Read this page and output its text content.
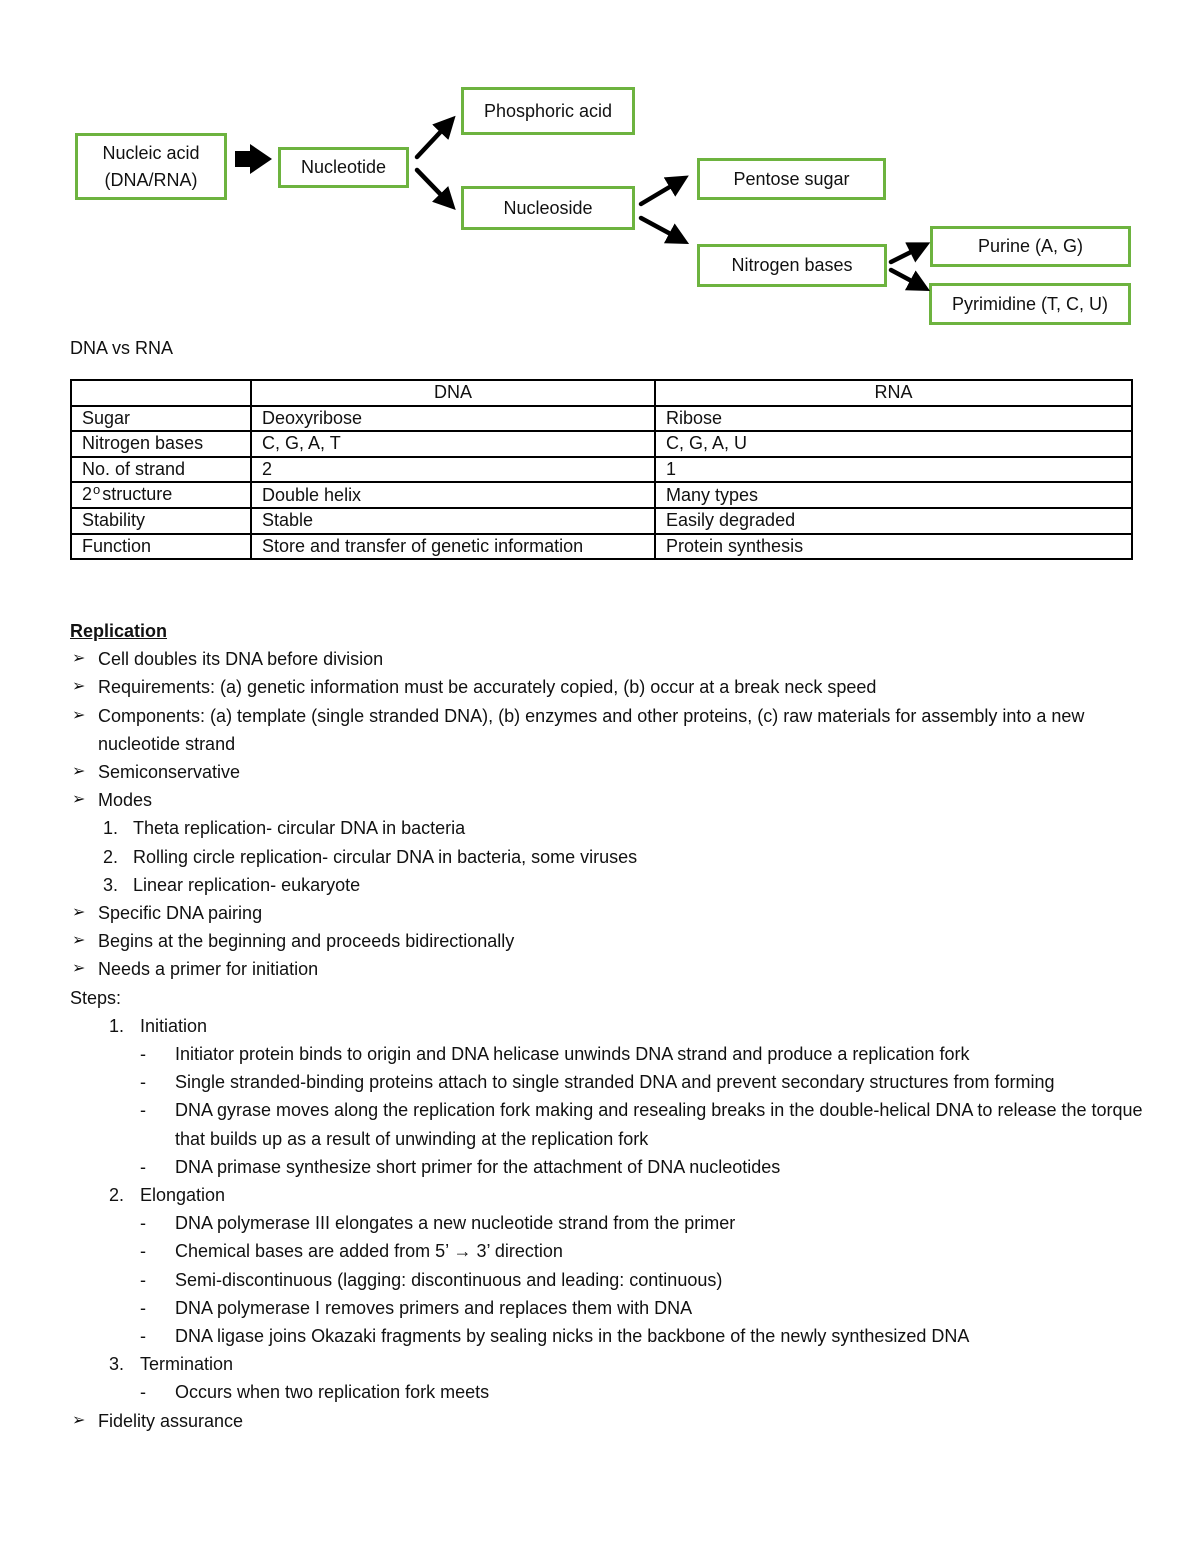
Nucleic acid
(DNA/RNA)
Nucleotide
Phosphoric acid
Nucleoside
Pentose sugar
Nitrogen bases
Purine (A, G)
Pyrimidine (T, C, U)
DNA vs RNA
	DNA	RNA
Sugar	Deoxyribose	Ribose
Nitrogen bases	C, G, A, T	C, G, A, U
No. of strand	2	1
2$^o$ structure	Double helix	Many types
Stability	Stable	Easily degraded
Function	Store and transfer of genetic information	Protein synthesis
Replication
➢ Cell doubles its DNA before division
➢ Requirements: (a) genetic information must be accurately copied, (b) occur at a break neck speed
➢ Components: (a) template (single stranded DNA), (b) enzymes and other proteins, (c) raw materials for assembly into a new nucleotide strand
➢ Semiconservative
➢ Modes
1. Theta replication- circular DNA in bacteria
2. Rolling circle replication- circular DNA in bacteria, some viruses
3. Linear replication- eukaryote
➢ Specific DNA pairing
➢ Begins at the beginning and proceeds bidirectionally
➢ Needs a primer for initiation
Steps:
1. Initiation
-	Initiator protein binds to origin and DNA helicase unwinds DNA strand and produce a replication fork
-	Single stranded-binding proteins attach to single stranded DNA and prevent secondary structures from forming
-	DNA gyrase moves along the replication fork making and resealing breaks in the double-helical DNA to release the torque that builds up as a result of unwinding at the replication fork
-	DNA primase synthesize short primer for the attachment of DNA nucleotides
2. Elongation
-	DNA polymerase III elongates a new nucleotide strand from the primer
-	Chemical bases are added from 5’ → 3’ direction
-	Semi-discontinuous (lagging: discontinuous and leading: continuous)
-	DNA polymerase I removes primers and replaces them with DNA
-	DNA ligase joins Okazaki fragments by sealing nicks in the backbone of the newly synthesized DNA
3. Termination
-	Occurs when two replication fork meets
➢ Fidelity assurance
